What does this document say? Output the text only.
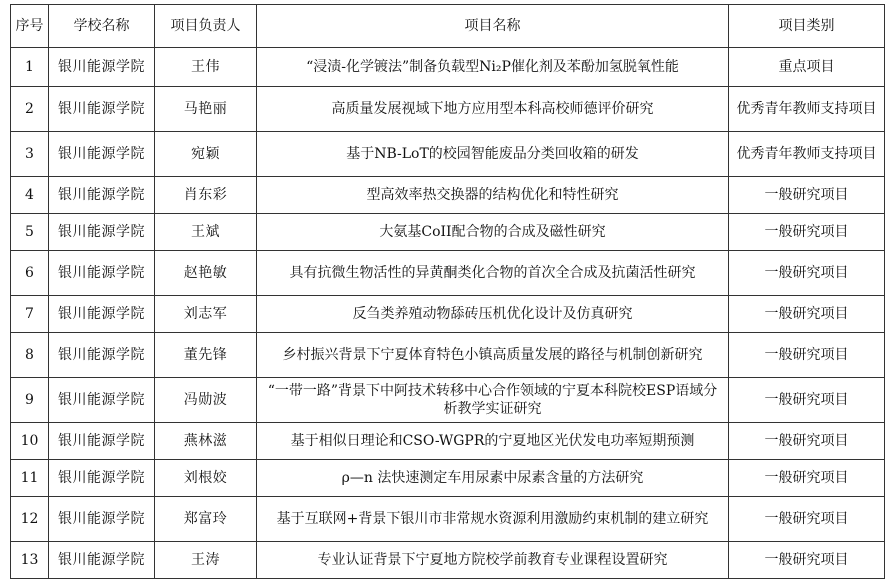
序号	学校名称	项目负责人	项目名称	项目类别
1	银川能源学院	王伟	“浸渍-化学镀法”制备负载型Ni₂P催化剂及苯酚加氢脱氧性能	重点项目
2	银川能源学院	马艳丽	高质量发展视域下地方应用型本科高校师德评价研究	优秀青年教师支持项目
3	银川能源学院	宛颖	基于NB-LoT的校园智能废品分类回收箱的研发	优秀青年教师支持项目
4	银川能源学院	肖东彩	型高效率热交换器的结构优化和特性研究	一般研究项目
5	银川能源学院	王斌	大氨基CoII配合物的合成及磁性研究	一般研究项目
6	银川能源学院	赵艳敏	具有抗微生物活性的异黄酮类化合物的首次全合成及抗菌活性研究	一般研究项目
7	银川能源学院	刘志军	反刍类养殖动物舔砖压机优化设计及仿真研究	一般研究项目
8	银川能源学院	董先锋	乡村振兴背景下宁夏体育特色小镇高质量发展的路径与机制创新研究	一般研究项目
9	银川能源学院	冯勋波	“一带一路”背景下中阿技术转移中心合作领域的宁夏本科院校ESP语域分析教学实证研究	一般研究项目
10	银川能源学院	燕林滋	基于相似日理论和CSO-WGPR的宁夏地区光伏发电功率短期预测	一般研究项目
11	银川能源学院	刘根姣	ρ—n 法快速测定车用尿素中尿素含量的方法研究	一般研究项目
12	银川能源学院	郑富玲	基于互联网+背景下银川市非常规水资源利用激励约束机制的建立研究	一般研究项目
13	银川能源学院	王涛	专业认证背景下宁夏地方院校学前教育专业课程设置研究	一般研究项目
